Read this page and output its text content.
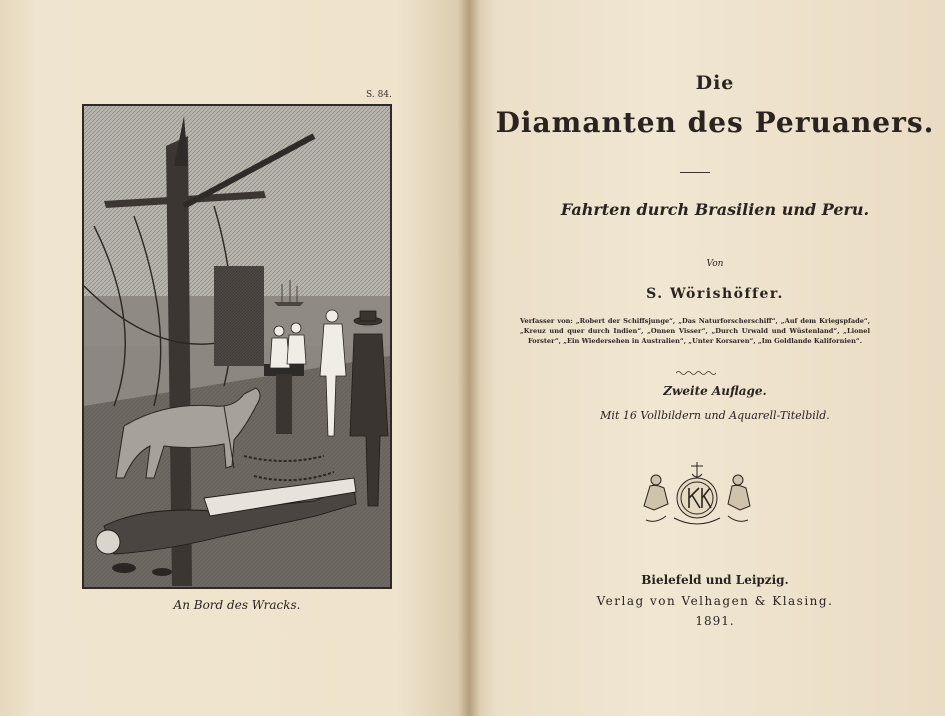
S. 84.
An Bord des Wracks.
Die
Diamanten des Peruaners.
Fahrten durch Brasilien und Peru.
Von
S. Wörishöffer.
Verfasser von: „Robert der Schiffsjunge“, „Das Naturforscherschiff“, „Auf dem Kriegspfade“, „Kreuz und quer durch Indien“, „Onnen Visser“, „Durch Urwald und Wüstenland“, „Lionel Forster“, „Ein Wiedersehen in Australien“, „Unter Korsaren“, „Im Goldlande Kalifornien“.
Zweite Auflage.
Mit 16 Vollbildern und Aquarell-Titelbild.
Bielefeld und Leipzig.
Verlag von Velhagen & Klasing.
1891.
